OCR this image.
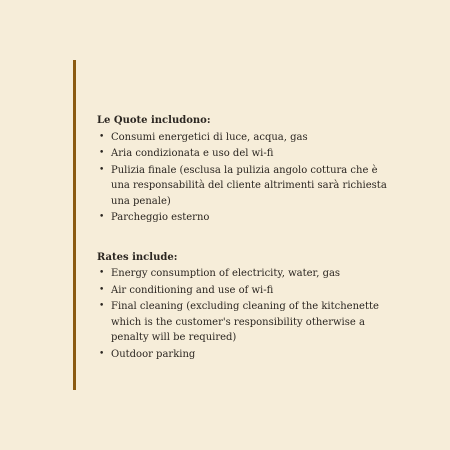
Le Quote includono:
• Consumi energetici di luce, acqua, gas
• Aria condizionata e uso del wi-fi
• Pulizia finale (esclusa la pulizia angolo cottura che è una responsabilità del cliente altrimenti sarà richiesta una penale)
• Parcheggio esterno
Rates include:
• Energy consumption of electricity, water, gas
• Air conditioning and use of wi-fi
• Final cleaning (excluding cleaning of the kitchenette which is the customer's responsibility otherwise a penalty will be required)
• Outdoor parking
